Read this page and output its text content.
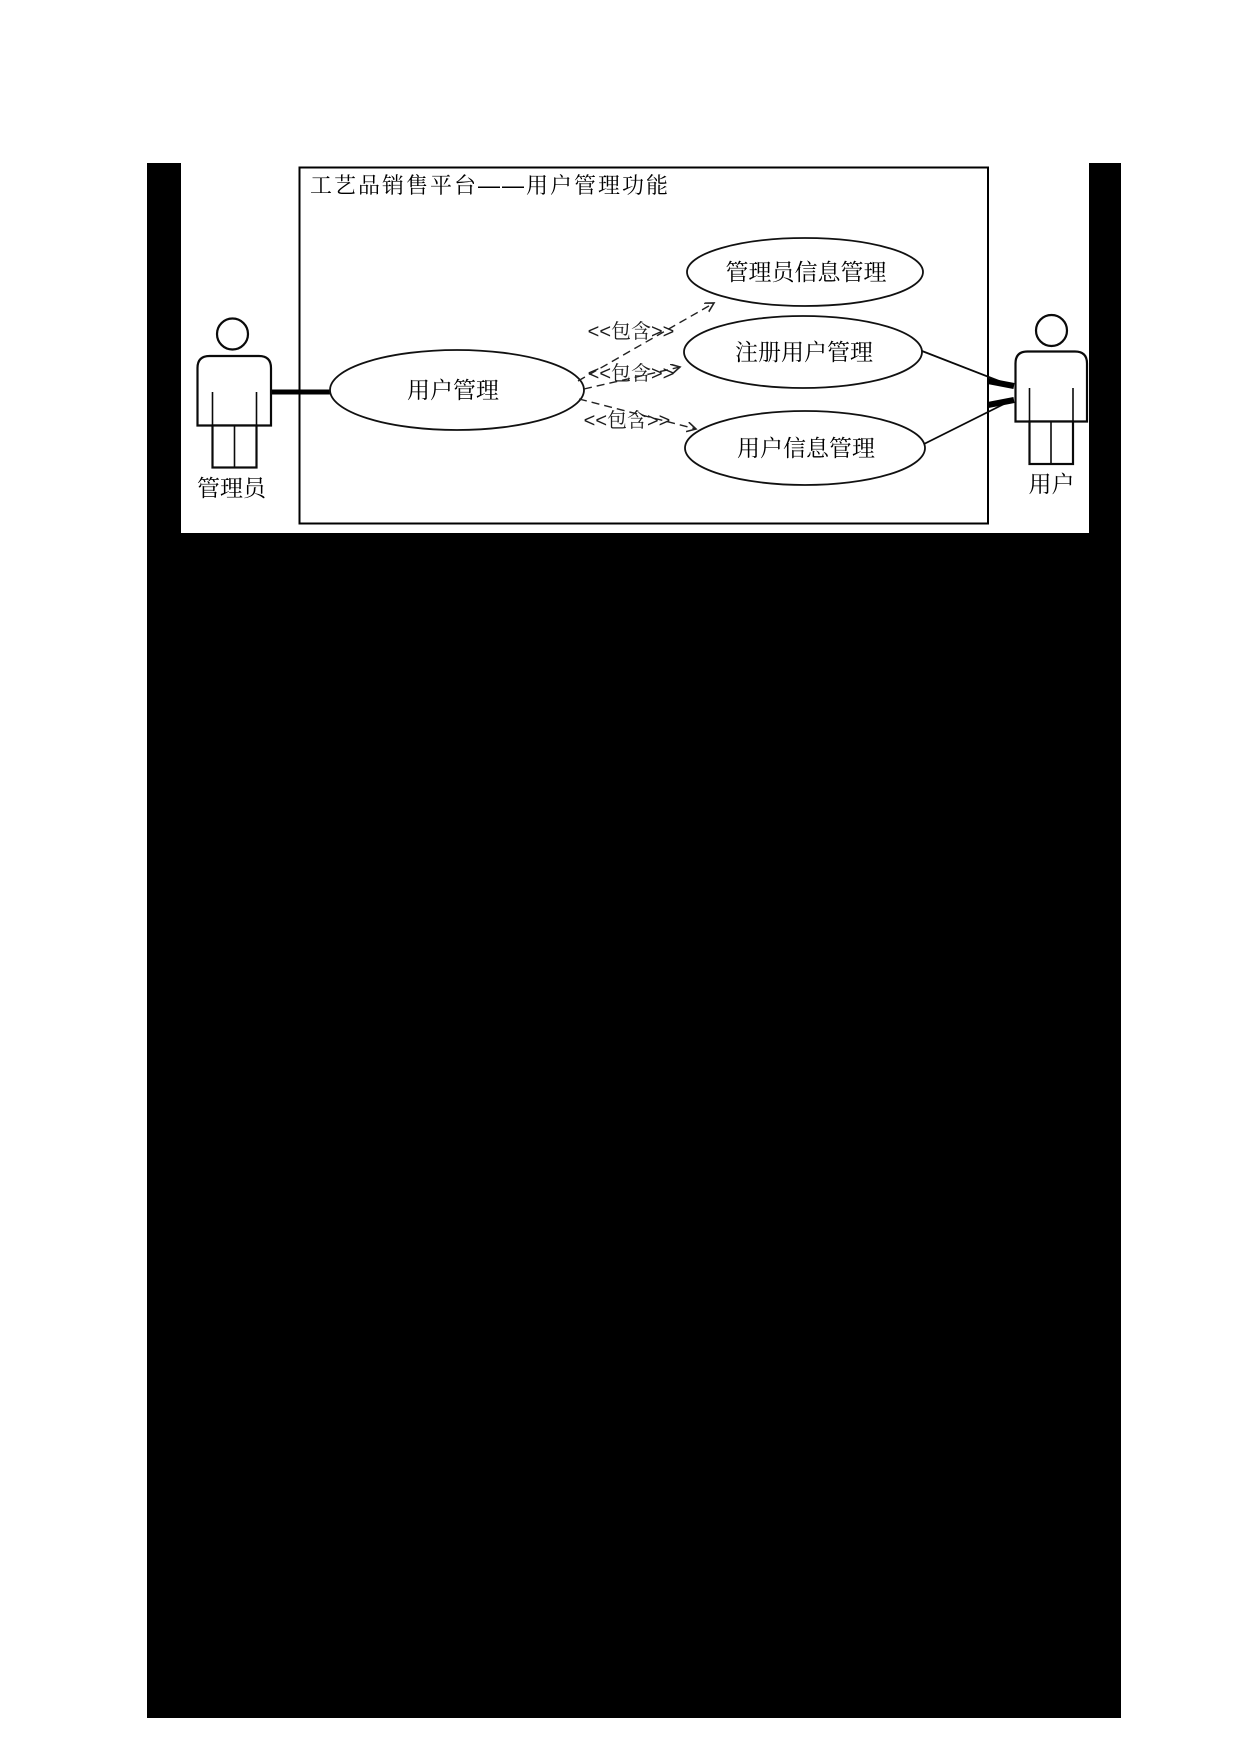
工艺品销售平台——用户管理功能
用户管理
管理员信息管理
注册用户管理
用户信息管理
<<包含>>
<<包含>>
<<包含>>
管理员	用户
